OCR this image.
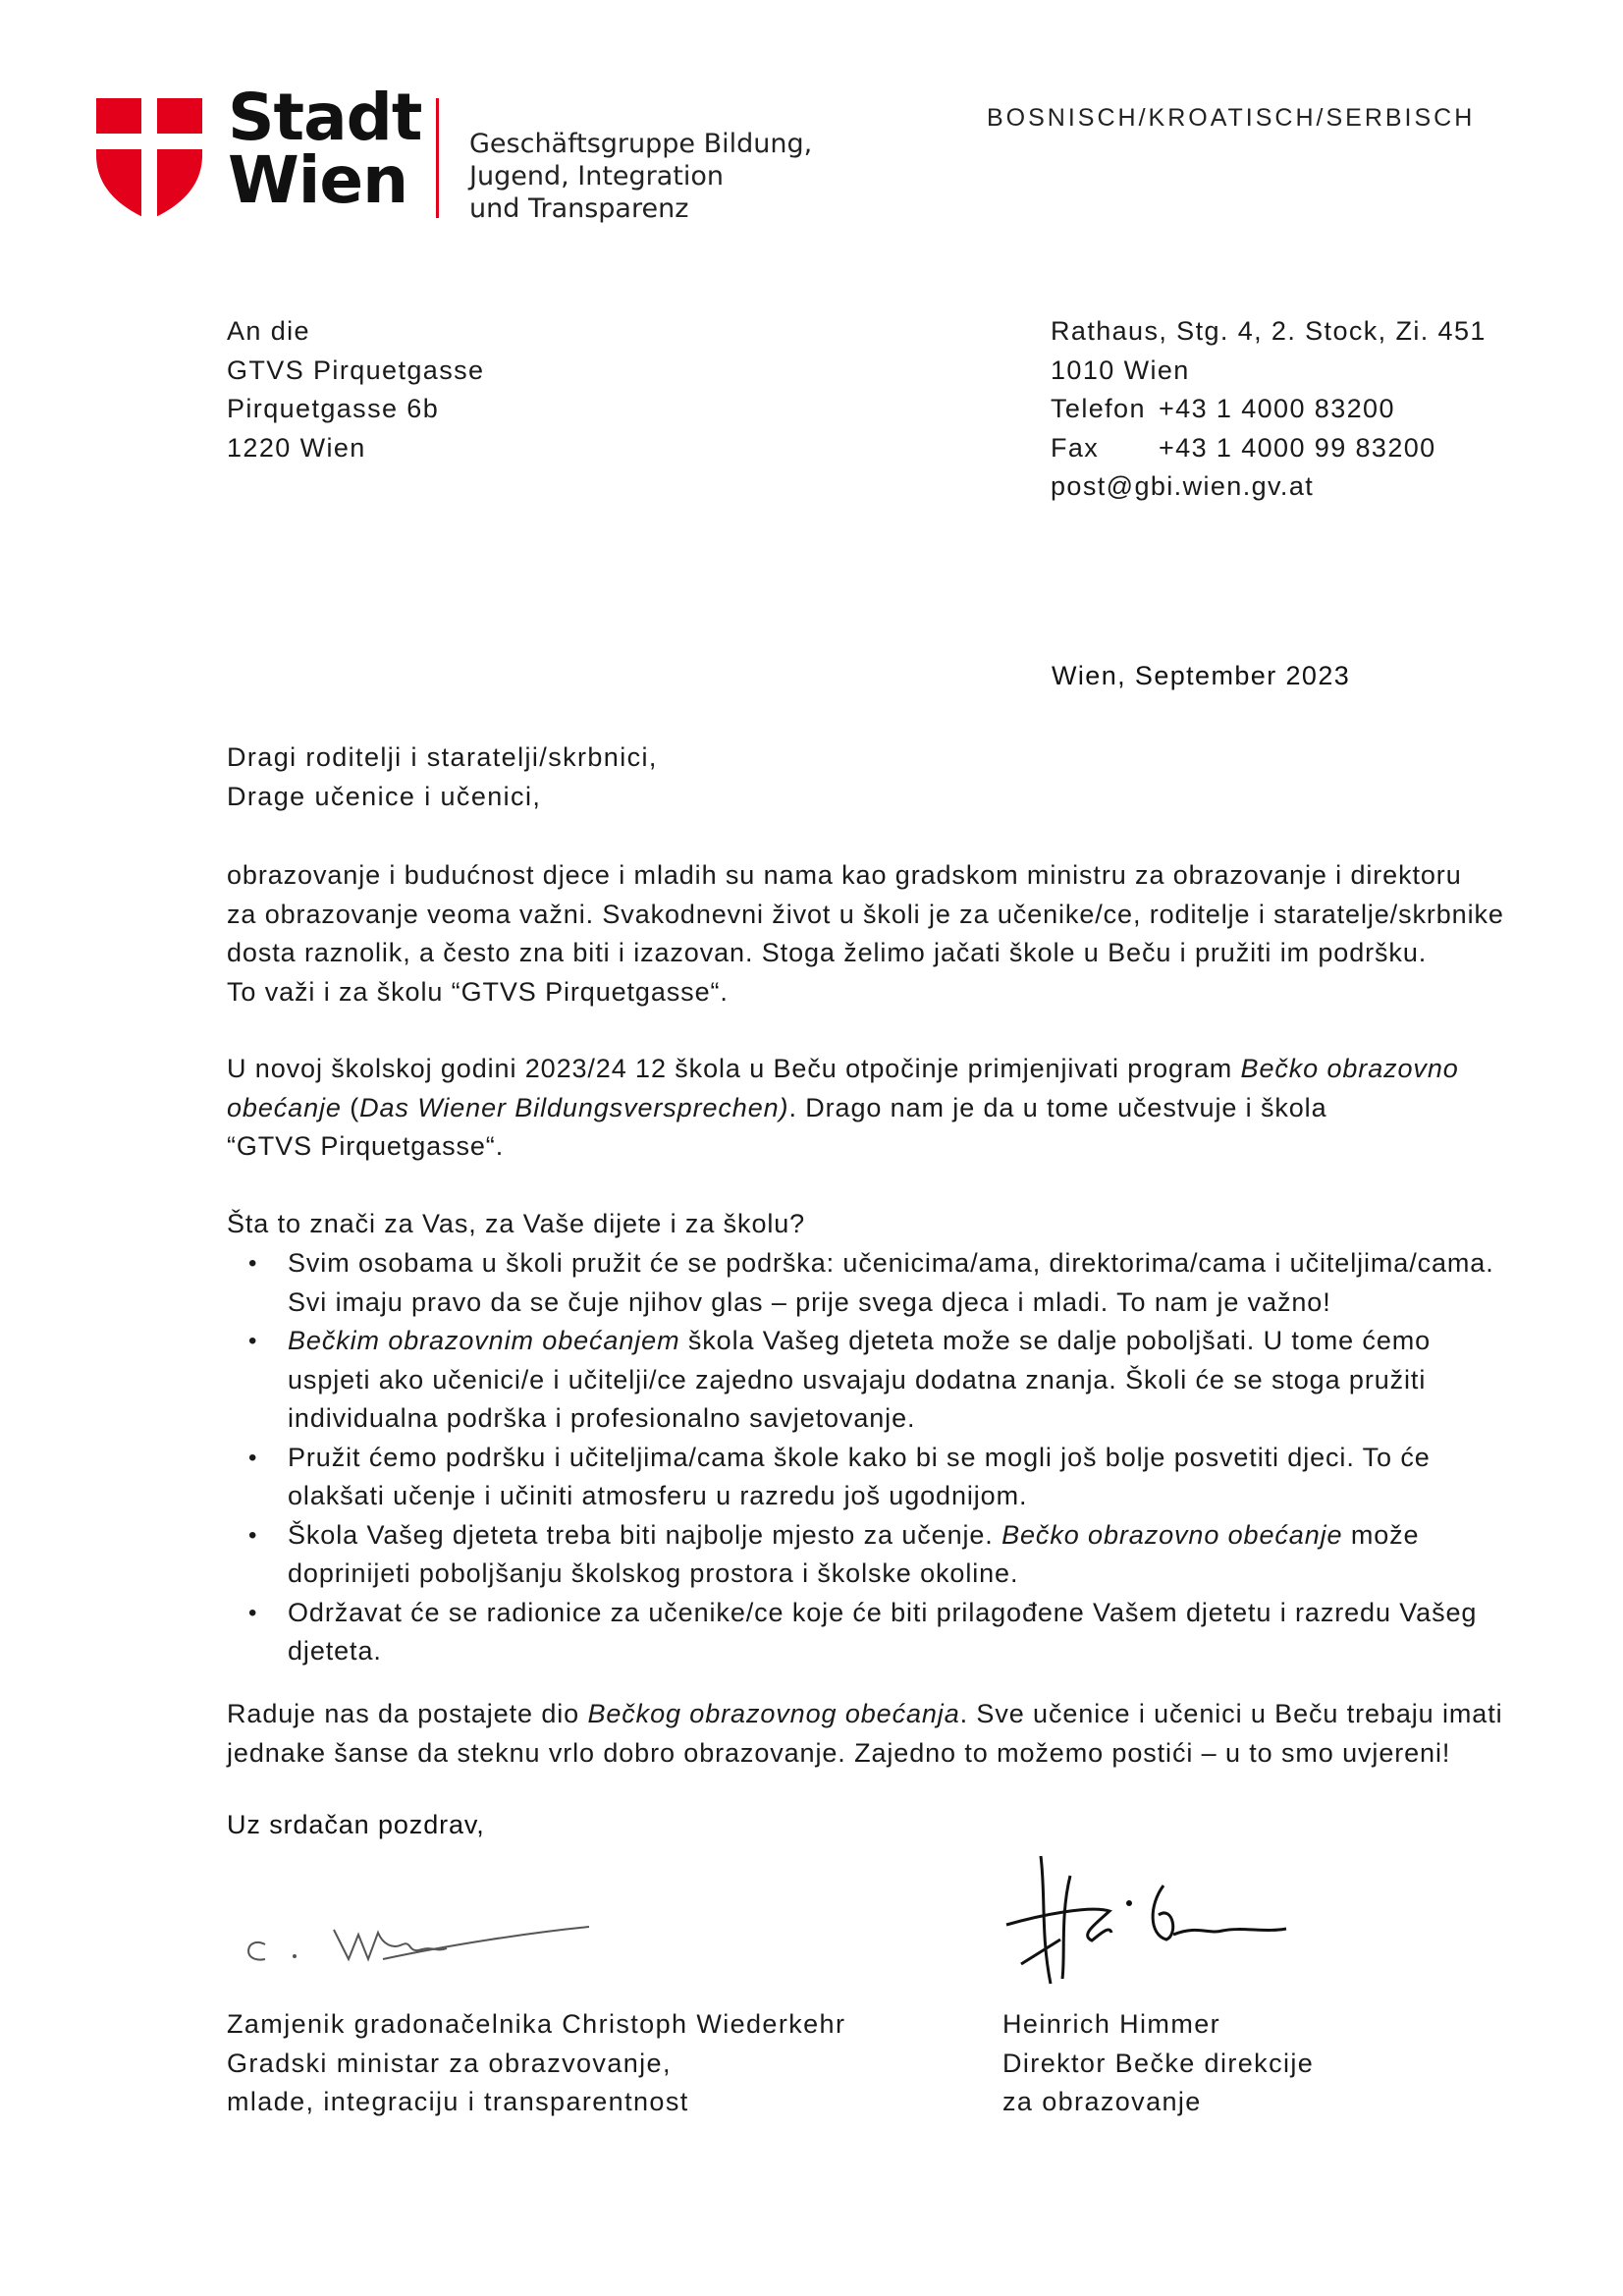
Stadt
Wien	Geschäftsgruppe Bildung,
Jugend, Integration
und Transparenz
BOSNISCH/KROATISCH/SERBISCH
An die
GTVS Pirquetgasse
Pirquetgasse 6b
1220 Wien
Rathaus, Stg. 4, 2. Stock, Zi. 451
1010 Wien
Telefon +43 1 4000 83200
Fax +43 1 4000 99 83200
post@gbi.wien.gv.at
Wien, September 2023
Dragi roditelji i staratelji/skrbnici,
Drage učenice i učenici,
obrazovanje i budućnost djece i mladih su nama kao gradskom ministru za obrazovanje i direktoru
za obrazovanje veoma važni. Svakodnevni život u školi je za učenike/ce, roditelje i staratelje/skrbnike
dosta raznolik, a često zna biti i izazovan. Stoga želimo jačati škole u Beču i pružiti im podršku.
To važi i za školu “GTVS Pirquetgasse“.
U novoj školskoj godini 2023/24 12 škola u Beču otpočinje primjenjivati program Bečko obrazovno
obećanje (Das Wiener Bildungsversprechen). Drago nam je da u tome učestvuje i škola
“GTVS Pirquetgasse“.
Šta to znači za Vas, za Vaše dijete i za školu?
• Svim osobama u školi pružit će se podrška: učenicima/ama, direktorima/cama i učiteljima/cama.
Svi imaju pravo da se čuje njihov glas – prije svega djeca i mladi. To nam je važno!
• Bečkim obrazovnim obećanjem škola Vašeg djeteta može se dalje poboljšati. U tome ćemo
uspjeti ako učenici/e i učitelji/ce zajedno usvajaju dodatna znanja. Školi će se stoga pružiti
individualna podrška i profesionalno savjetovanje.
• Pružit ćemo podršku i učiteljima/cama škole kako bi se mogli još bolje posvetiti djeci. To će
olakšati učenje i učiniti atmosferu u razredu još ugodnijom.
• Škola Vašeg djeteta treba biti najbolje mjesto za učenje. Bečko obrazovno obećanje može
doprinijeti poboljšanju školskog prostora i školske okoline.
• Održavat će se radionice za učenike/ce koje će biti prilagođene Vašem djetetu i razredu Vašeg
djeteta.
Raduje nas da postajete dio Bečkog obrazovnog obećanja. Sve učenice i učenici u Beču trebaju imati
jednake šanse da steknu vrlo dobro obrazovanje. Zajedno to možemo postići – u to smo uvjereni!
Uz srdačan pozdrav,
Zamjenik gradonačelnika Christoph Wiederkehr
Gradski ministar za obrazvovanje,
mlade, integraciju i transparentnost
Heinrich Himmer
Direktor Bečke direkcije
za obrazovanje
